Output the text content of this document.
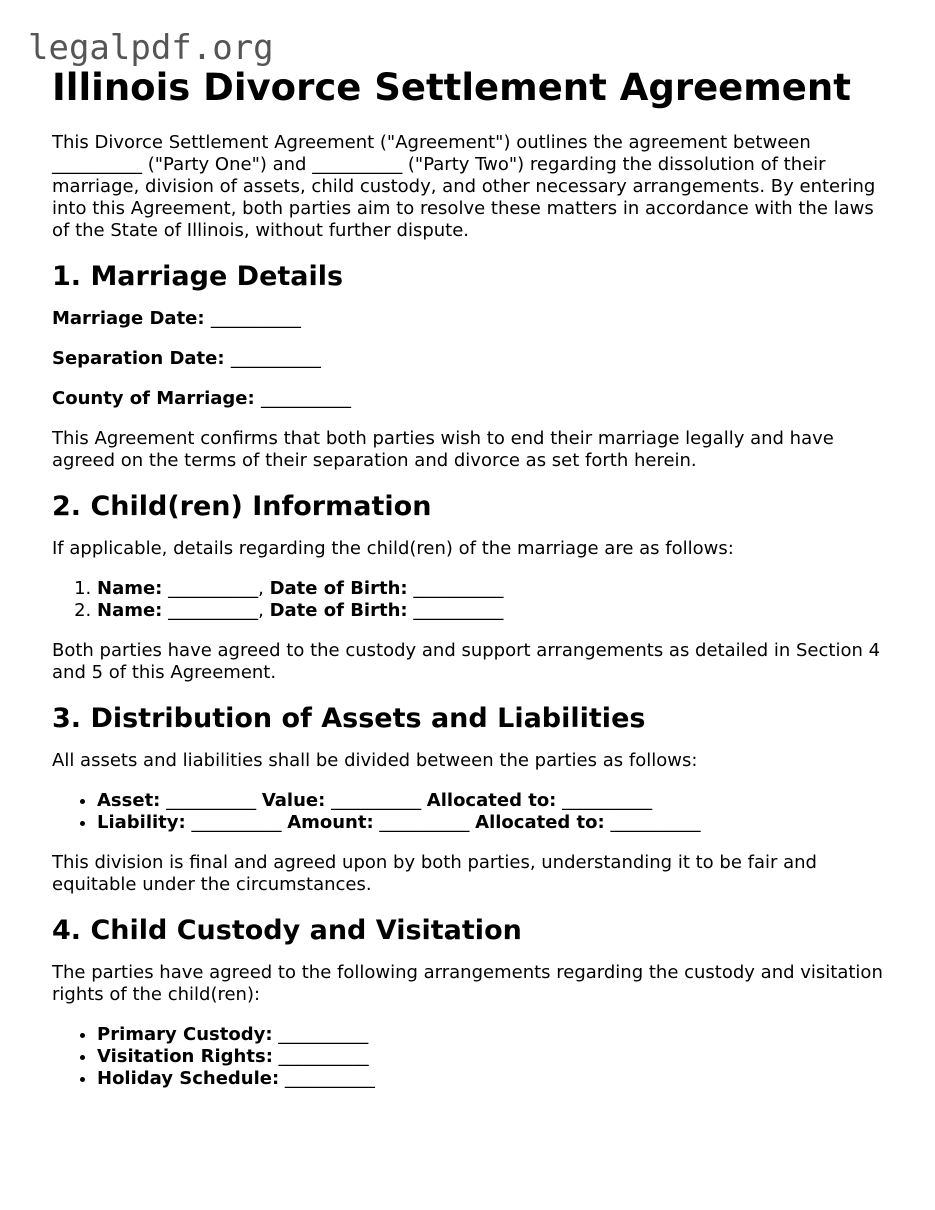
legalpdf.org
Illinois Divorce Settlement Agreement

This Divorce Settlement Agreement ("Agreement") outlines the agreement between __________ ("Party One") and __________ ("Party Two") regarding the dissolution of their marriage, division of assets, child custody, and other necessary arrangements. By entering into this Agreement, both parties aim to resolve these matters in accordance with the laws of the State of Illinois, without further dispute.

1. Marriage Details
Marriage Date: __________
Separation Date: __________
County of Marriage: __________

This Agreement confirms that both parties wish to end their marriage legally and have agreed on the terms of their separation and divorce as set forth herein.

2. Child(ren) Information

If applicable, details regarding the child(ren) of the marriage are as follows:

1. Name: __________, Date of Birth: __________
2. Name: __________, Date of Birth: __________

Both parties have agreed to the custody and support arrangements as detailed in Section 4 and 5 of this Agreement.

3. Distribution of Assets and Liabilities

All assets and liabilities shall be divided between the parties as follows:

• Asset: __________ Value: __________ Allocated to: __________
• Liability: __________ Amount: __________ Allocated to: __________

This division is final and agreed upon by both parties, understanding it to be fair and equitable under the circumstances.

4. Child Custody and Visitation

The parties have agreed to the following arrangements regarding the custody and visitation rights of the child(ren):

• Primary Custody: __________
• Visitation Rights: __________
• Holiday Schedule: __________
